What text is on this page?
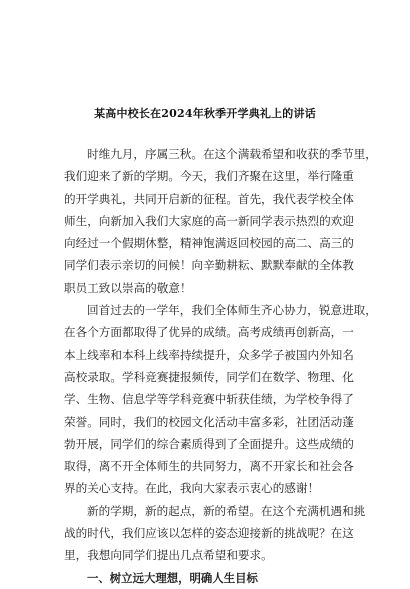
某高中校长在2024年秋季开学典礼上的讲话
时维九月，序属三秋。在这个满载希望和收获的季节里，
我们迎来了新的学期。今天，我们齐聚在这里，举行隆重
的开学典礼，共同开启新的征程。首先，我代表学校全体
师生，向新加入我们大家庭的高一新同学表示热烈的欢迎
向经过一个假期休整，精神饱满返回校园的高二、高三的
同学们表示亲切的问候！向辛勤耕耘、默默奉献的全体教
职员工致以崇高的敬意！
回首过去的一学年，我们全体师生齐心协力，锐意进取，
在各个方面都取得了优异的成绩。高考成绩再创新高，一
本上线率和本科上线率持续提升，众多学子被国内外知名
高校录取。学科竞赛捷报频传，同学们在数学、物理、化
学、生物、信息学等学科竞赛中斩获佳绩，为学校争得了
荣誉。同时，我们的校园文化活动丰富多彩，社团活动蓬
勃开展，同学们的综合素质得到了全面提升。这些成绩的
取得，离不开全体师生的共同努力，离不开家长和社会各
界的关心支持。在此，我向大家表示衷心的感谢！
新的学期，新的起点，新的希望。在这个充满机遇和挑
战的时代，我们应该以怎样的姿态迎接新的挑战呢？在这
里，我想向同学们提出几点希望和要求。
一、树立远大理想，明确人生目标
